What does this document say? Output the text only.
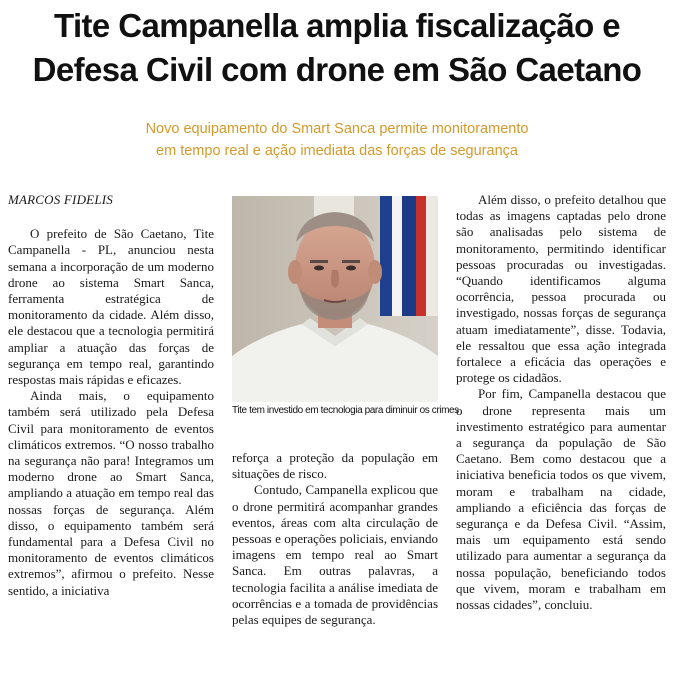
Tite Campanella amplia fiscalização e
Defesa Civil com drone em São Caetano
Novo equipamento do Smart Sanca permite monitoramento
em tempo real e ação imediata das forças de segurança

MARCOS FIDELIS

O prefeito de São Caetano, Tite Campanella - PL, anunciou nesta semana a incorporação de um moderno drone ao sistema Smart Sanca, ferramenta estratégica de monitoramento da cidade. Além disso, ele destacou que a tecnologia permitirá ampliar a atuação das forças de segurança em tempo real, garantindo respostas mais rápidas e eficazes.

Ainda mais, o equipamento também será utilizado pela Defesa Civil para monitoramento de eventos climáticos extremos. “O nosso trabalho na segurança não para! Integramos um moderno drone ao Smart Sanca, ampliando a atuação em tempo real das nossas forças de segurança. Além disso, o equipamento também será fundamental para a Defesa Civil no monitoramento de eventos climáticos extremos”, afirmou o prefeito. Nesse sentido, a iniciativa

Tite tem investido em tecnologia para diminuir os crimes

reforça a proteção da população em situações de risco.

Contudo, Campanella explicou que o drone permitirá acompanhar grandes eventos, áreas com alta circulação de pessoas e operações policiais, enviando imagens em tempo real ao Smart Sanca. Em outras palavras, a tecnologia facilita a análise imediata de ocorrências e a tomada de providências pelas equipes de segurança.

Além disso, o prefeito detalhou que todas as imagens captadas pelo drone são analisadas pelo sistema de monitoramento, permitindo identificar pessoas procuradas ou investigadas. “Quando identificamos alguma ocorrência, pessoa procurada ou investigado, nossas forças de segurança atuam imediatamente”, disse. Todavia, ele ressaltou que essa ação integrada fortalece a eficácia das operações e protege os cidadãos.

Por fim, Campanella destacou que o drone representa mais um investimento estratégico para aumentar a segurança da população de São Caetano. Bem como destacou que a iniciativa beneficia todos os que vivem, moram e trabalham na cidade, ampliando a eficiência das forças de segurança e da Defesa Civil. “Assim, mais um equipamento está sendo utilizado para aumentar a segurança da nossa população, beneficiando todos que vivem, moram e trabalham em nossas cidades”, concluiu.
